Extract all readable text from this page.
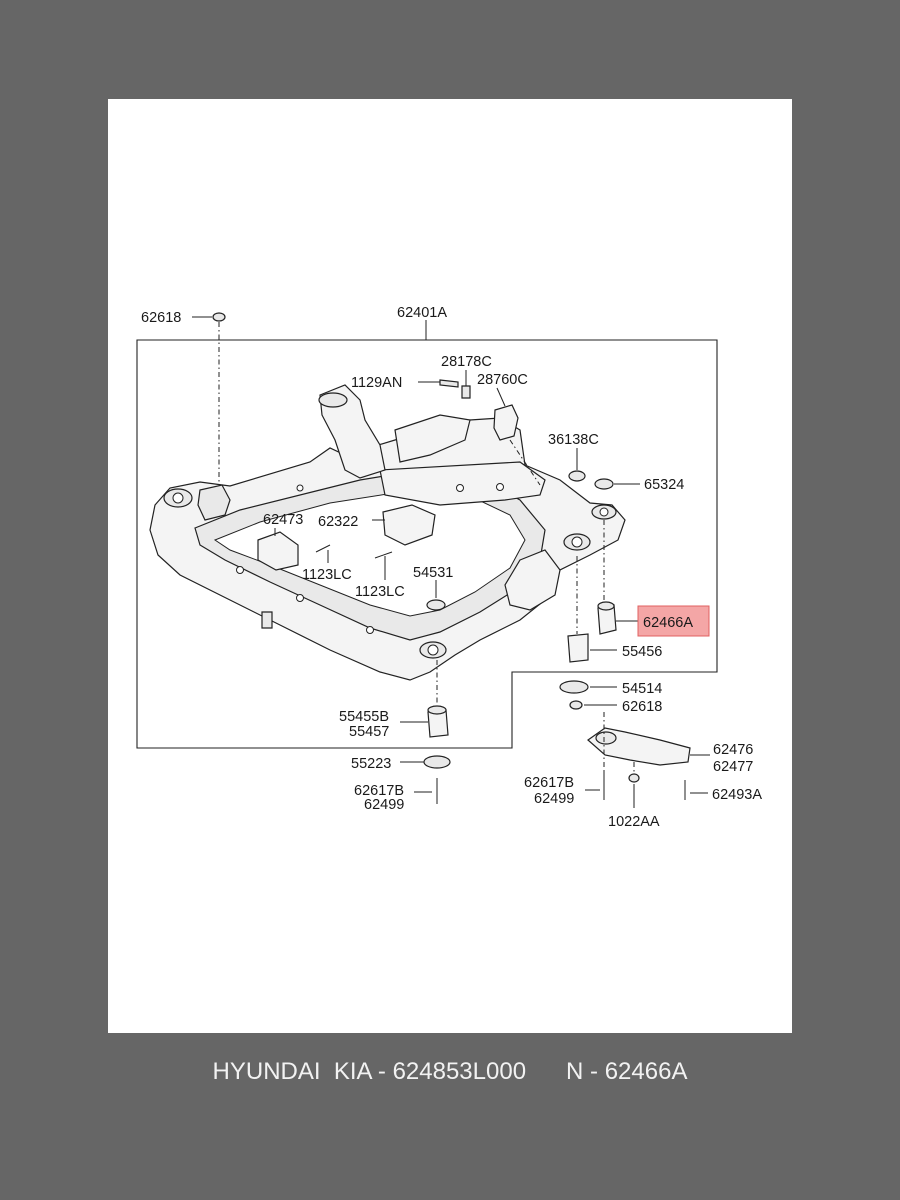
62618	62401A
28178C
1129AN	28760C
36138C
65324
62473 62322
1123LC	54531
1123LC
62466A
55456
54514
62618
55455B
55457
62476
62477
55223
62617B
62499
62617B
62499	62493A
1022AA
HYUNDAI  KIA - 624853L000      N - 62466A
